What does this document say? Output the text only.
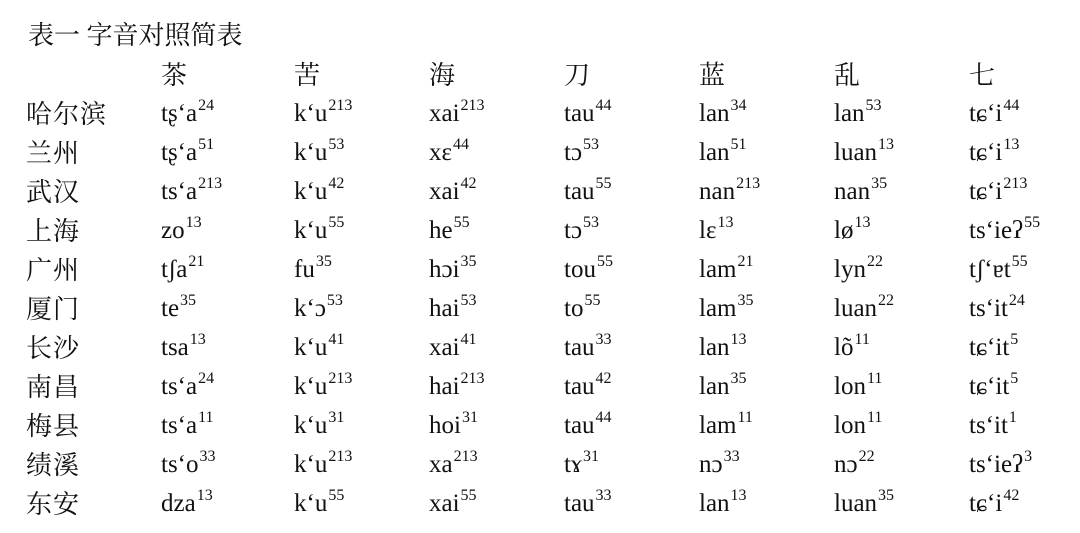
表一 字音对照简表
	茶	苦	海	刀	蓝	乱	七
哈尔滨	tʂʻa$^{24}$	kʻu$^{213}$	xai$^{213}$	tau$^{44}$	lan$^{34}$	lan$^{53}$	tɕʻi$^{44}$
兰州	tʂʻa$^{51}$	kʻu$^{53}$	xɛ$^{44}$	tɔ$^{53}$	lan$^{51}$	luan$^{13}$	tɕʻi$^{13}$
武汉	tsʻa$^{213}$	kʻu$^{42}$	xai$^{42}$	tau$^{55}$	nan$^{213}$	nan$^{35}$	tɕʻi$^{213}$
上海	$zo^{13}$	kʻu$^{55}$	$he^{55}$	tɔ$^{53}$	lɛ$^{13}$	$lø^{13}$	tsʻieʔ$^{55}$
广州	tʃa$^{21}$	$fu^{35}$	hɔi$^{35}$	tou$^{55}$	lam$^{21}$	lyn$^{22}$	tʃʻɐt$^{55}$
厦门	$te^{35}$	kʻɔ$^{53}$	hai$^{53}$	$to^{55}$	lam$^{35}$	luan$^{22}$	tsʻit$^{24}$
长沙	tsa$^{13}$	kʻu$^{41}$	xai$^{41}$	tau$^{33}$	lan$^{13}$	$lõ^{11}$	tɕʻit$^5$
南昌	tsʻa$^{24}$	kʻu$^{213}$	hai$^{213}$	tau$^{42}$	lan$^{35}$	lon$^{11}$	tɕʻit$^5$
梅县	tsʻa$^{11}$	kʻu$^{31}$	hoi$^{31}$	tau$^{44}$	lam$^{11}$	lon$^{11}$	tsʻit$^1$
绩溪	tsʻo$^{33}$	kʻu$^{213}$	$xa^{213}$	tɤ$^{31}$	nɔ$^{33}$	nɔ$^{22}$	tsʻieʔ$^3$
东安	dza$^{13}$	kʻu$^{55}$	xai$^{55}$	tau$^{33}$	lan$^{13}$	luan$^{35}$	tɕʻi$^{42}$
